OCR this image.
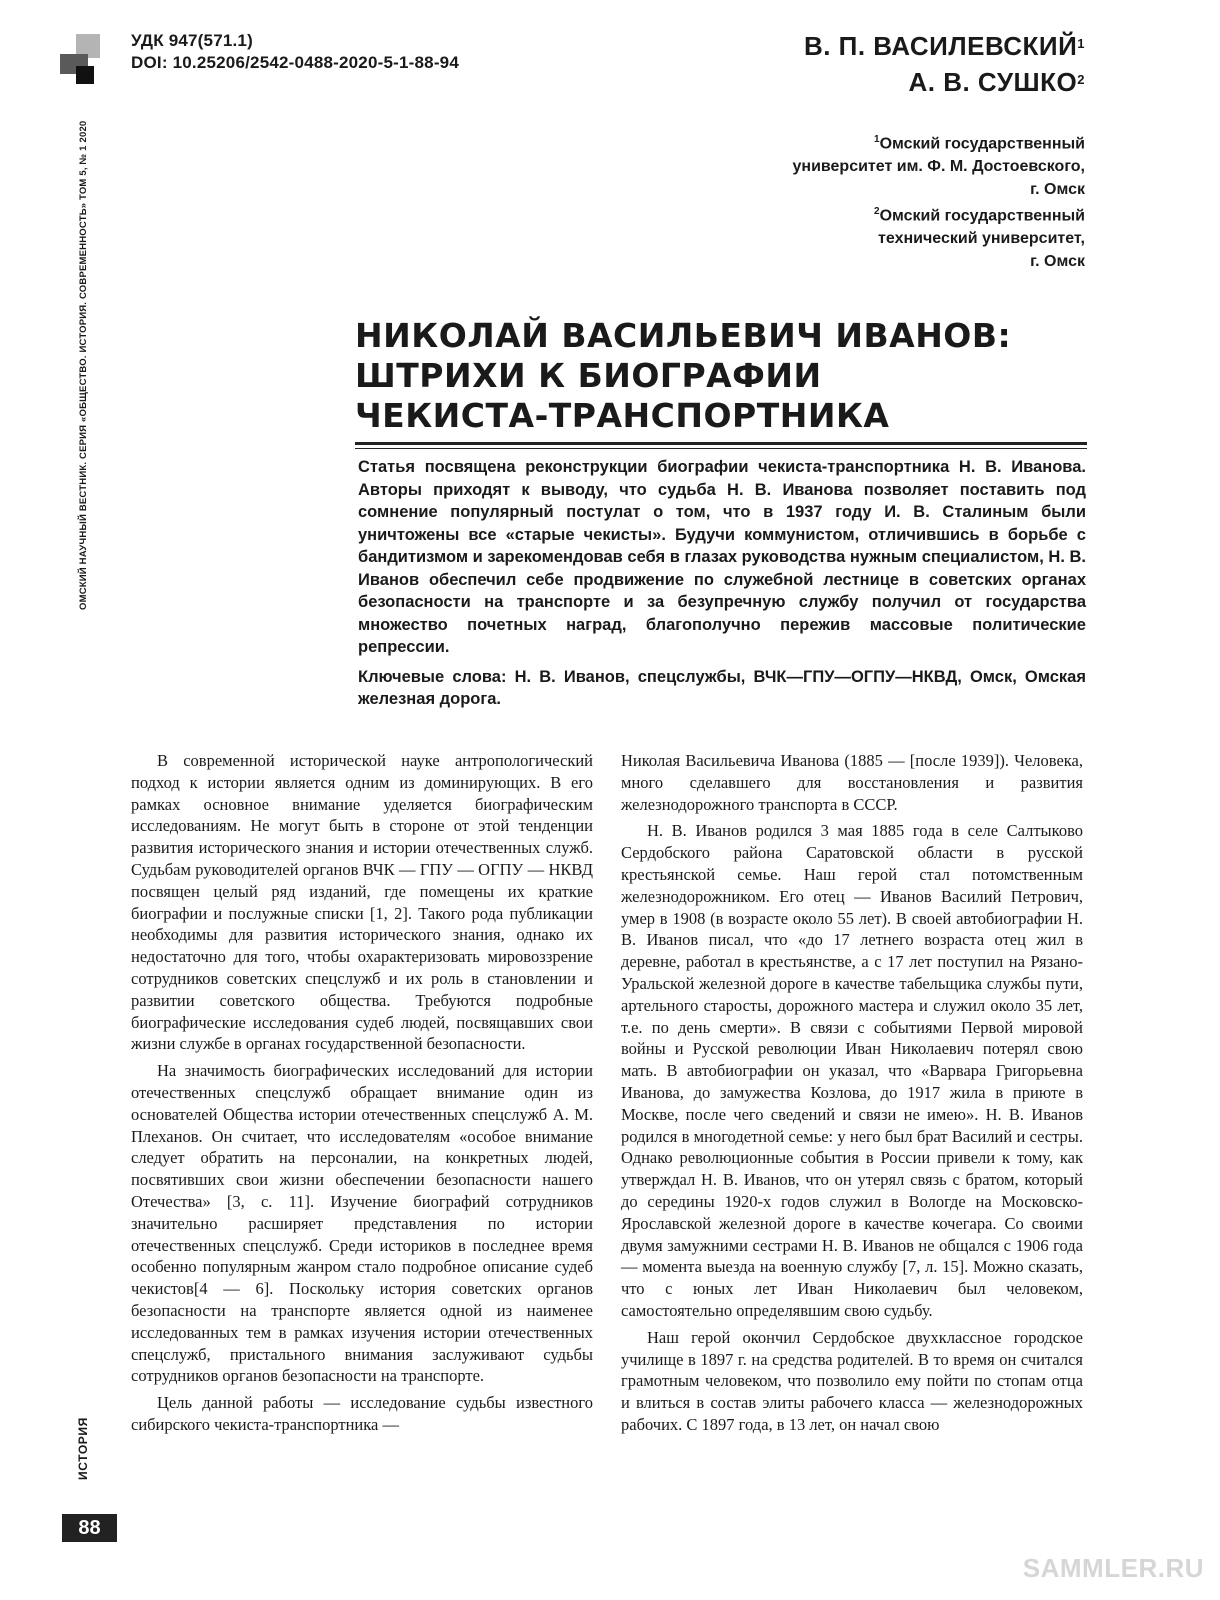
УДК 947(571.1)
DOI: 10.25206/2542-0488-2020-5-1-88-94
В. П. ВАСИЛЕВСКИЙ$^1$
А. В. СУШКО$^2$
$^1$Омский государственный
университет им. Ф. М. Достоевского,
г. Омск
$^2$Омский государственный
технический университет,
г. Омск
ОМСКИЙ НАУЧНЫЙ ВЕСТНИК. СЕРИЯ «ОБЩЕСТВО. ИСТОРИЯ. СОВРЕМЕННОСТЬ» ТОМ 5, № 1 2020
ИСТОРИЯ
88
НИКОЛАЙ ВАСИЛЬЕВИЧ ИВАНОВ:
ШТРИХИ К БИОГРАФИИ
ЧЕКИСТА-ТРАНСПОРТНИКА

Статья посвящена реконструкции биографии чекиста-транспортника Н. В. Иванова. Авторы приходят к выводу, что судьба Н. В. Иванова позволяет поставить под сомнение популярный постулат о том, что в 1937 году И. В. Сталиным были уничтожены все «старые чекисты». Будучи коммунистом, отличившись в борьбе с бандитизмом и зарекомендовав себя в глазах руководства нужным специалистом, Н. В. Иванов обеспечил себе продвижение по служебной лестнице в советских органах безопасности на транспорте и за безупречную службу получил от государства множество почетных наград, благополучно пережив массовые политические репрессии.

Ключевые слова: Н. В. Иванов, спецслужбы, ВЧК—ГПУ—ОГПУ—НКВД, Омск, Омская железная дорога.

В современной исторической науке антропологический подход к истории является одним из доминирующих. В его рамках основное внимание уделяется биографическим исследованиям. Не могут быть в стороне от этой тенденции развития исторического знания и истории отечественных служб. Судьбам руководителей органов ВЧК — ГПУ — ОГПУ — НКВД посвящен целый ряд изданий, где помещены их краткие биографии и послужные списки [1, 2]. Такого рода публикации необходимы для развития исторического знания, однако их недостаточно для того, чтобы охарактеризовать мировоззрение сотрудников советских спецслужб и их роль в становлении и развитии советского общества. Требуются подробные биографические исследования судеб людей, посвящавших свои жизни службе в органах государственной безопасности.

На значимость биографических исследований для истории отечественных спецслужб обращает внимание один из основателей Общества истории отечественных спецслужб А. М. Плеханов. Он считает, что исследователям «особое внимание следует обратить на персоналии, на конкретных людей, посвятивших свои жизни обеспечении безопасности нашего Отечества» [3, с. 11]. Изучение биографий сотрудников значительно расширяет представления по истории отечественных спецслужб. Среди историков в последнее время особенно популярным жанром стало подробное описание судеб чекистов[4 — 6]. Поскольку история советских органов безопасности на транспорте является одной из наименее исследованных тем в рамках изучения истории отечественных спецслужб, пристального внимания заслуживают судьбы сотрудников органов безопасности на транспорте.

Цель данной работы — исследование судьбы известного сибирского чекиста-транспортника —

Николая Васильевича Иванова (1885 — [после 1939]). Человека, много сделавшего для восстановления и развития железнодорожного транспорта в СССР.

Н. В. Иванов родился 3 мая 1885 года в селе Салтыково Сердобского района Саратовской области в русской крестьянской семье. Наш герой стал потомственным железнодорожником. Его отец — Иванов Василий Петрович, умер в 1908 (в возрасте около 55 лет). В своей автобиографии Н. В. Иванов писал, что «до 17 летнего возраста отец жил в деревне, работал в крестьянстве, а с 17 лет поступил на Рязано-Уральской железной дороге в качестве табельщика службы пути, артельного старосты, дорожного мастера и служил около 35 лет, т.е. по день смерти». В связи с событиями Первой мировой войны и Русской революции Иван Николаевич потерял свою мать. В автобиографии он указал, что «Варвара Григорьевна Иванова, до замужества Козлова, до 1917 жила в приюте в Москве, после чего сведений и связи не имею». Н. В. Иванов родился в многодетной семье: у него был брат Василий и сестры. Однако революционные события в России привели к тому, как утверждал Н. В. Иванов, что он утерял связь с братом, который до середины 1920-х годов служил в Вологде на Московско-Ярославской железной дороге в качестве кочегара. Со своими двумя замужними сестрами Н. В. Иванов не общался с 1906 года — момента выезда на военную службу [7, л. 15]. Можно сказать, что с юных лет Иван Николаевич был человеком, самостоятельно определявшим свою судьбу.

Наш герой окончил Сердобское двухклассное городское училище в 1897 г. на средства родителей. В то время он считался грамотным человеком, что позволило ему пойти по стопам отца и влиться в состав элиты рабочего класса — железнодорожных рабочих. С 1897 года, в 13 лет, он начал свою

SAMMLER.RU
